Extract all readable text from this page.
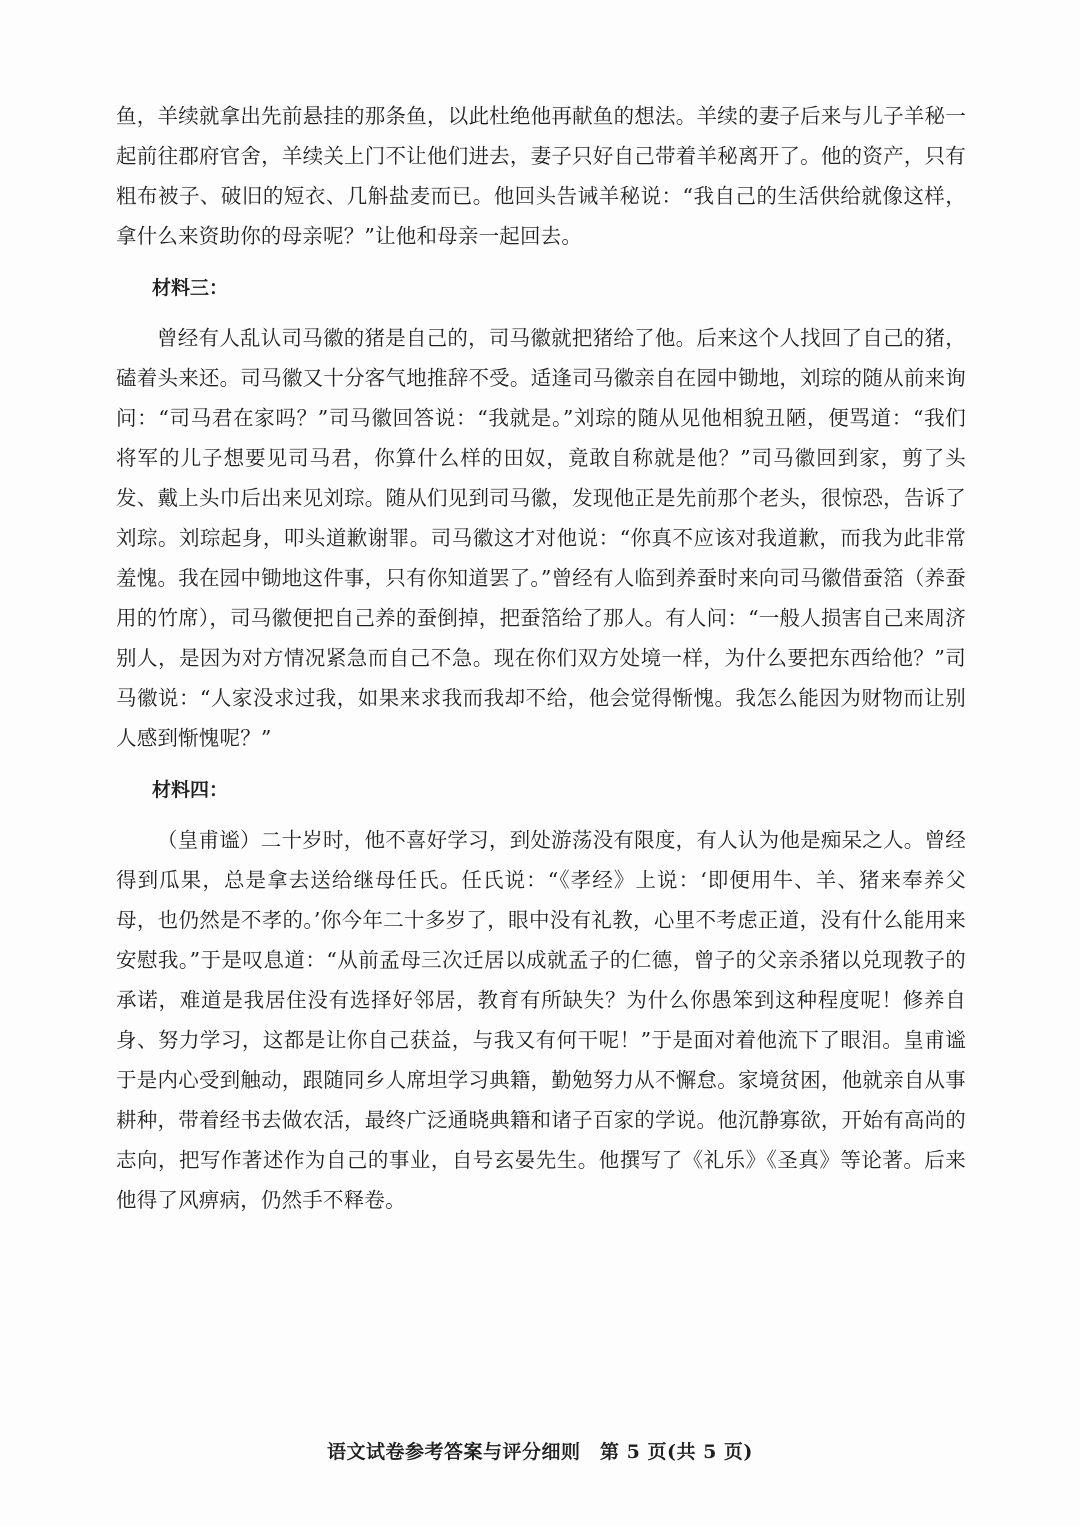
鱼，羊续就拿出先前悬挂的那条鱼，以此杜绝他再献鱼的想法。羊续的妻子后来与儿子羊秘一起前往郡府官舍，羊续关上门不让他们进去，妻子只好自己带着羊秘离开了。他的资产，只有粗布被子、破旧的短衣、几斛盐麦而已。他回头告诫羊秘说：“我自己的生活供给就像这样，拿什么来资助你的母亲呢？”让他和母亲一起回去。

材料三：

曾经有人乱认司马徽的猪是自己的，司马徽就把猪给了他。后来这个人找回了自己的猪，磕着头来还。司马徽又十分客气地推辞不受。适逢司马徽亲自在园中锄地，刘琮的随从前来询问：“司马君在家吗？”司马徽回答说：“我就是。”刘琮的随从见他相貌丑陋，便骂道：“我们将军的儿子想要见司马君，你算什么样的田奴，竟敢自称就是他？”司马徽回到家，剪了头发、戴上头巾后出来见刘琮。随从们见到司马徽，发现他正是先前那个老头，很惊恐，告诉了刘琮。刘琮起身，叩头道歉谢罪。司马徽这才对他说：“你真不应该对我道歉，而我为此非常羞愧。我在园中锄地这件事，只有你知道罢了。”曾经有人临到养蚕时来向司马徽借蚕箔（养蚕用的竹席），司马徽便把自己养的蚕倒掉，把蚕箔给了那人。有人问：“一般人损害自己来周济别人，是因为对方情况紧急而自己不急。现在你们双方处境一样，为什么要把东西给他？”司马徽说：“人家没求过我，如果来求我而我却不给，他会觉得惭愧。我怎么能因为财物而让别人感到惭愧呢？”

材料四：

（皇甫谧）二十岁时，他不喜好学习，到处游荡没有限度，有人认为他是痴呆之人。曾经得到瓜果，总是拿去送给继母任氏。任氏说：“《孝经》上说：‘即便用牛、羊、猪来奉养父母，也仍然是不孝的。’你今年二十多岁了，眼中没有礼教，心里不考虑正道，没有什么能用来安慰我。”于是叹息道：“从前孟母三次迁居以成就孟子的仁德，曾子的父亲杀猪以兑现教子的承诺，难道是我居住没有选择好邻居，教育有所缺失？为什么你愚笨到这种程度呢！修养自身、努力学习，这都是让你自己获益，与我又有何干呢！”于是面对着他流下了眼泪。皇甫谧于是内心受到触动，跟随同乡人席坦学习典籍，勤勉努力从不懈怠。家境贫困，他就亲自从事耕种，带着经书去做农活，最终广泛通晓典籍和诸子百家的学说。他沉静寡欲，开始有高尚的志向，把写作著述作为自己的事业，自号玄晏先生。他撰写了《礼乐》《圣真》等论著。后来他得了风痹病，仍然手不释卷。

语文试卷参考答案与评分细则　第 5 页(共 5 页)
